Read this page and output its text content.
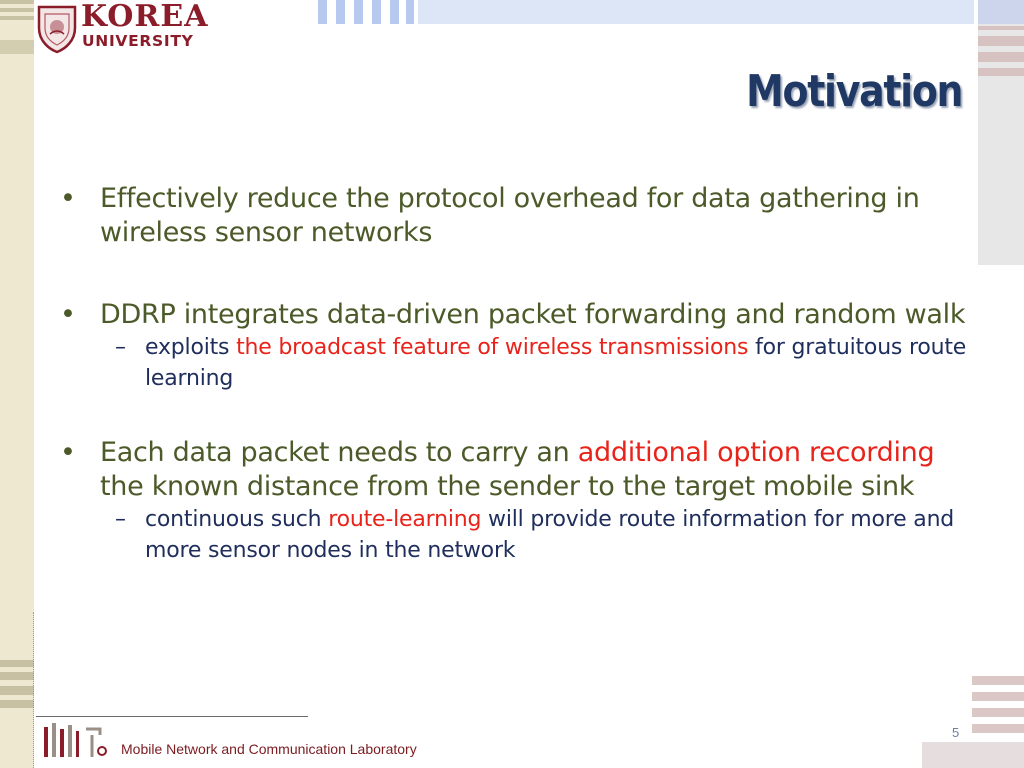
KOREA
UNIVERSITY
Motivation
• Effectively reduce the protocol overhead for data gathering in wireless sensor networks
• DDRP integrates data-driven packet forwarding and random walk
– exploits the broadcast feature of wireless transmissions for gratuitous route learning
• Each data packet needs to carry an additional option recording the known distance from the sender to the target mobile sink
– continuous such route-learning will provide route information for more and more sensor nodes in the network
Mobile Network and Communication Laboratory
5
